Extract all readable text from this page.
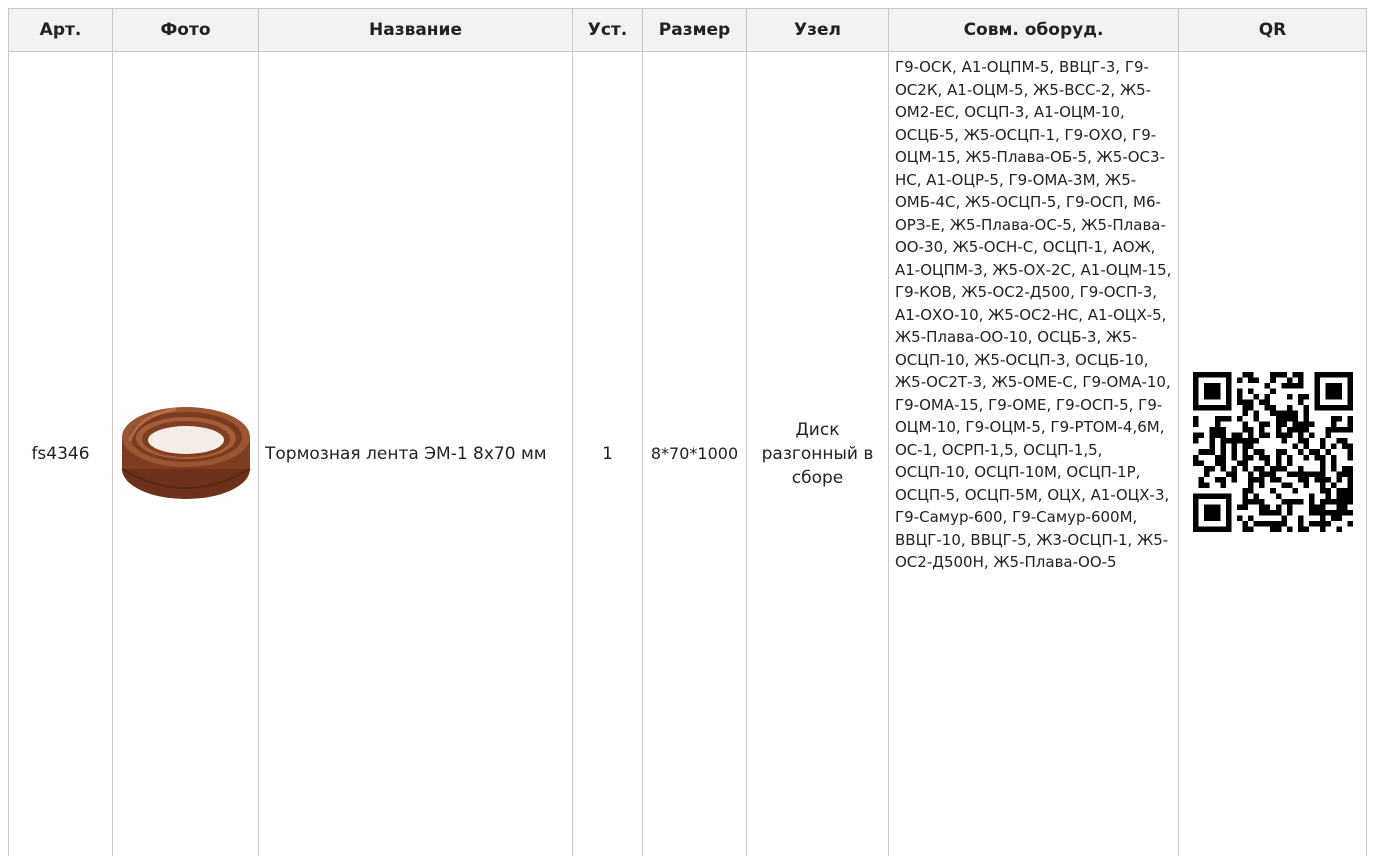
Арт.	Фото	Название	Уст.	Размер	Узел	Совм. оборуд.	QR
fs4346		Тормозная лента ЭМ-1 8х70 мм	1	8*70*1000	Диск разгонный в сборе	Г9-ОСК, А1-ОЦПМ-5, ВВЦГ-3, Г9-ОС2К, А1-ОЦМ-5, Ж5-ВСС-2, Ж5-ОМ2-ЕС, ОСЦП-3, А1-ОЦМ-10, ОСЦБ-5, Ж5-ОСЦП-1, Г9-ОХО, Г9-ОЦМ-15, Ж5-Плава-ОБ-5, Ж5-ОС3-НС, А1-ОЦР-5, Г9-ОМА-3М, Ж5-ОМБ-4С, Ж5-ОСЦП-5, Г9-ОСП, М6-ОРЗ-Е, Ж5-Плава-ОС-5, Ж5-Плава-ОО-30, Ж5-ОСН-С, ОСЦП-1, АОЖ, А1-ОЦПМ-3, Ж5-ОХ-2С, А1-ОЦМ-15, Г9-КОВ, Ж5-ОС2-Д500, Г9-ОСП-3, А1-ОХО-10, Ж5-ОС2-НС, А1-ОЦХ-5, Ж5-Плава-ОО-10, ОСЦБ-3, Ж5-ОСЦП-10, Ж5-ОСЦП-3, ОСЦБ-10, Ж5-ОС2Т-3, Ж5-ОМЕ-С, Г9-ОМА-10, Г9-ОМА-15, Г9-ОМЕ, Г9-ОСП-5, Г9-ОЦМ-10, Г9-ОЦМ-5, Г9-РТОМ-4,6М, ОС-1, ОСРП-1,5, ОСЦП-1,5, ОСЦП-10, ОСЦП-10М, ОСЦП-1Р, ОСЦП-5, ОСЦП-5М, ОЦХ, А1-ОЦХ-3, Г9-Самур-600, Г9-Самур-600М, ВВЦГ-10, ВВЦГ-5, Ж3-ОСЦП-1, Ж5-ОС2-Д500Н, Ж5-Плава-ОО-5	
